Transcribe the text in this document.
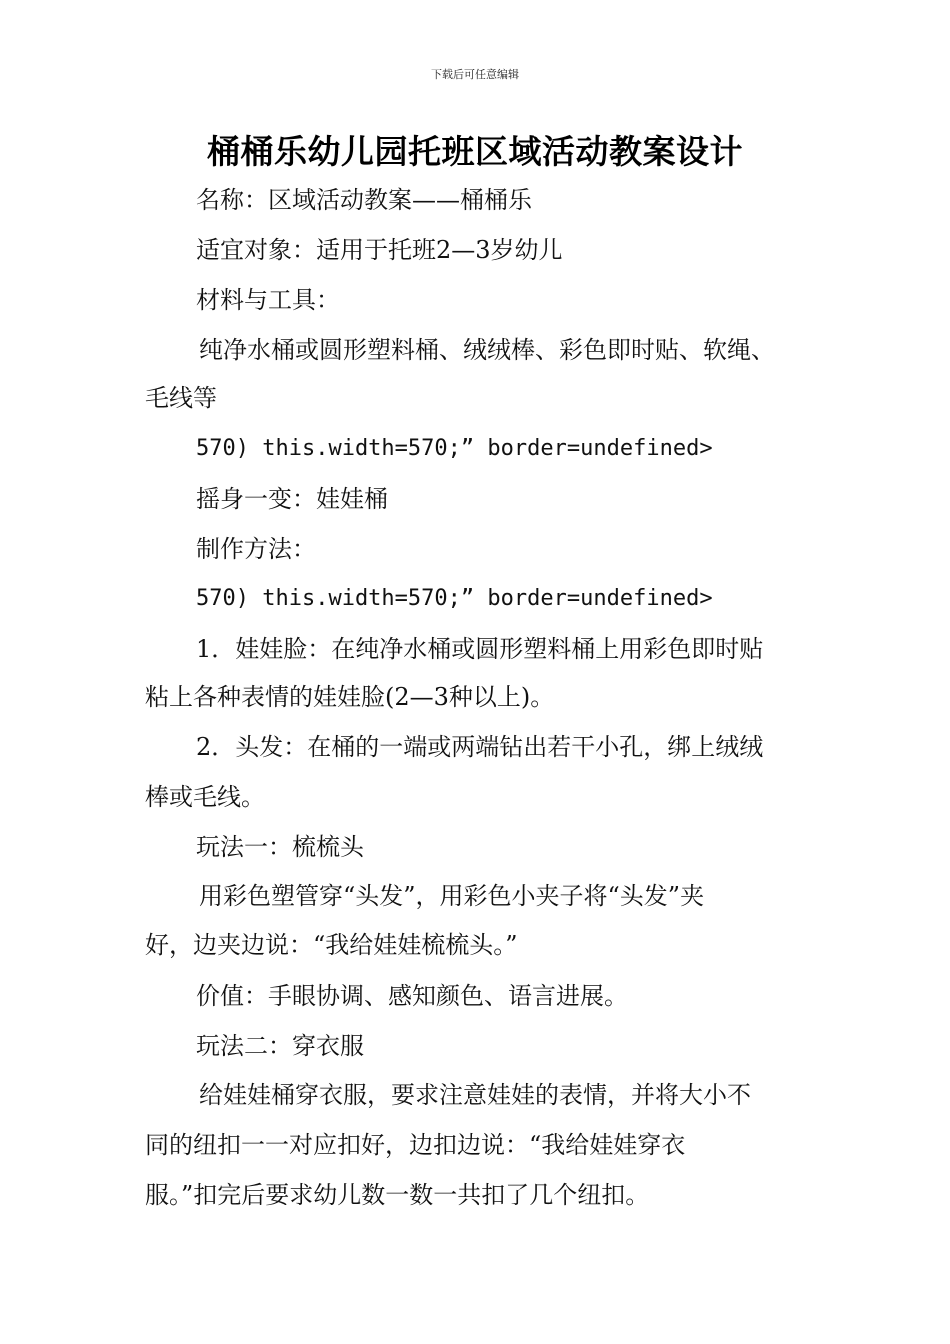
下载后可任意编辑
桶桶乐幼儿园托班区域活动教案设计
名称：区域活动教案——桶桶乐
适宜对象：适用于托班2—3岁幼儿
材料与工具：
纯净水桶或圆形塑料桶、绒绒棒、彩色即时贴、软绳、
毛线等
570) this.width=570;” border=undefined>
摇身一变：娃娃桶
制作方法：
570) this.width=570;” border=undefined>
1．娃娃脸：在纯净水桶或圆形塑料桶上用彩色即时贴
粘上各种表情的娃娃脸(2—3种以上)。
2．头发：在桶的一端或两端钻出若干小孔，绑上绒绒
棒或毛线。
玩法一：梳梳头
用彩色塑管穿“头发”，用彩色小夹子将“头发”夹
好，边夹边说：“我给娃娃梳梳头。”
价值：手眼协调、感知颜色、语言进展。
玩法二：穿衣服
给娃娃桶穿衣服，要求注意娃娃的表情，并将大小不
同的纽扣一一对应扣好，边扣边说：“我给娃娃穿衣
服。”扣完后要求幼儿数一数一共扣了几个纽扣。
